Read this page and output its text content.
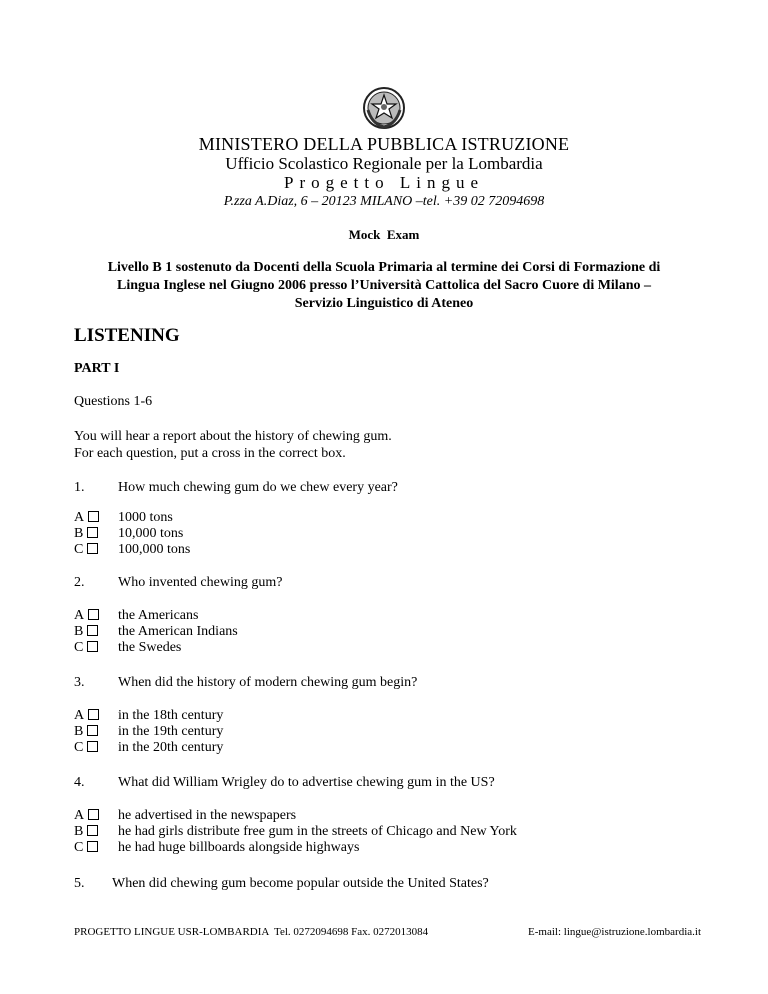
MINISTERO DELLA PUBBLICA ISTRUZIONE
Ufficio Scolastico Regionale per la Lombardia
Progetto Lingue
P.zza A.Diaz, 6 – 20123 MILANO –tel. +39 02 72094698
Mock  Exam
Livello B 1 sostenuto da Docenti della Scuola Primaria al termine dei Corsi di Formazione di
Lingua Inglese nel Giugno 2006 presso l’Università Cattolica del Sacro Cuore di Milano –
Servizio Linguistico di Ateneo
LISTENING
PART I
Questions 1-6
You will hear a report about the history of chewing gum.
For each question, put a cross in the correct box.
1. How much chewing gum do we chew every year?
A	1000 tons
B	10,000 tons
C	100,000 tons
2. Who invented chewing gum?
A	the Americans
B	the American Indians
C	the Swedes
3. When did the history of modern chewing gum begin?
A	in the 18th century
B	in the 19th century
C	in the 20th century
4. What did William Wrigley do to advertise chewing gum in the US?
A	he advertised in the newspapers
B	he had girls distribute free gum in the streets of Chicago and New York
C	he had huge billboards alongside highways
5. When did chewing gum become popular outside the United States?
PROGETTO LINGUE USR-LOMBARDIA  Tel. 0272094698 Fax. 0272013084	E-mail: lingue@istruzione.lombardia.it
